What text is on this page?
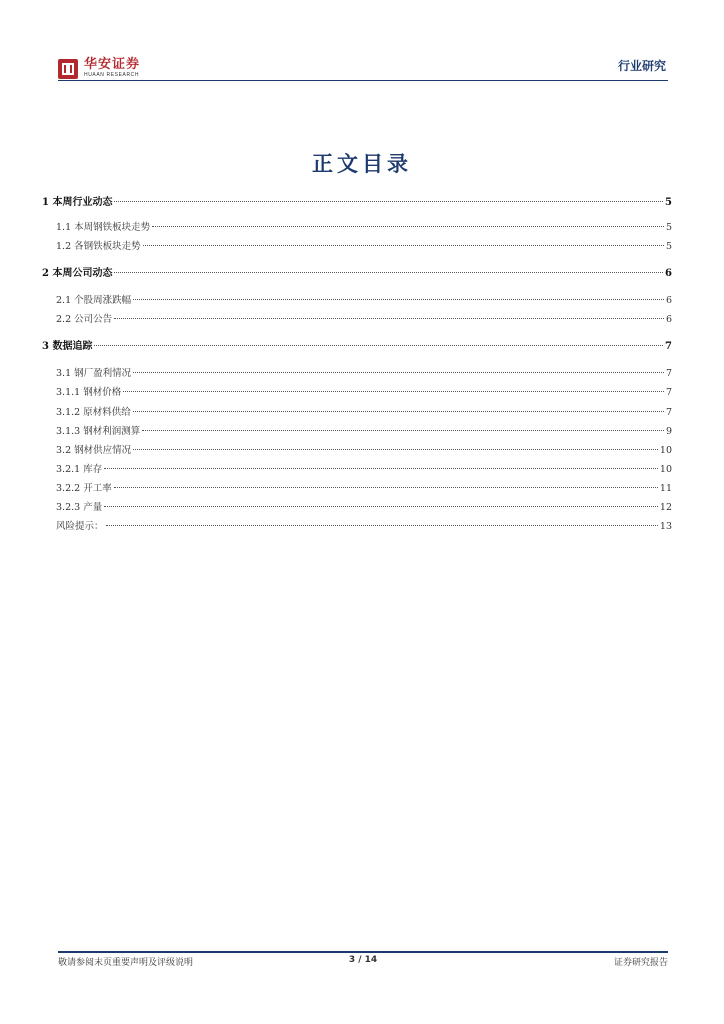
华安证券
HUAAN RESEARCH
行业研究
正文目录
1 本周行业动态	5
1.1 本周钢铁板块走势	5
1.2 各钢铁板块走势	5
2 本周公司动态	6
2.1 个股周涨跌幅	6
2.2 公司公告	6
3 数据追踪	7
3.1 钢厂盈利情况	7
3.1.1 钢材价格	7
3.1.2 原材料供给	7
3.1.3 钢材利润测算	9
3.2 钢材供应情况	10
3.2.1 库存	10
3.2.2 开工率	11
3.2.3 产量	12
风险提示：	13
敬请参阅末页重要声明及评级说明	3 / 14	证券研究报告
